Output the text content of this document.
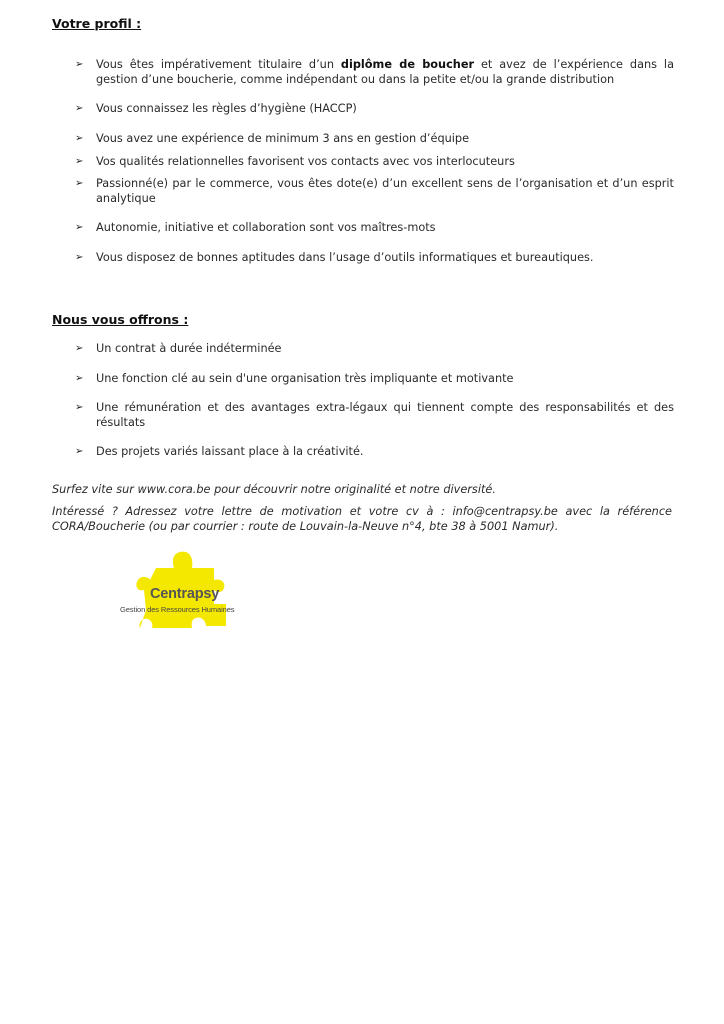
Votre profil :
➢ Vous êtes impérativement titulaire d’un diplôme de boucher et avez de l’expérience dans la gestion d’une boucherie, comme indépendant ou dans la petite et/ou la grande distribution
➢ Vous connaissez les règles d’hygiène (HACCP)
➢ Vous avez une expérience de minimum 3 ans en gestion d’équipe
➢ Vos qualités relationnelles favorisent vos contacts avec vos interlocuteurs
➢ Passionné(e) par le commerce, vous êtes dote(e) d’un excellent sens de l’organisation et d’un esprit analytique
➢ Autonomie, initiative et collaboration sont vos maîtres-mots
➢ Vous disposez de bonnes aptitudes dans l’usage d’outils informatiques et bureautiques.
Nous vous offrons :
➢ Un contrat à durée indéterminée
➢ Une fonction clé au sein d'une organisation très impliquante et motivante
➢ Une rémunération et des avantages extra-légaux qui tiennent compte des responsabilités et des résultats
➢ Des projets variés laissant place à la créativité.

Surfez vite sur www.cora.be pour découvrir notre originalité et notre diversité.

Intéressé ? Adressez votre lettre de motivation et votre cv à : info@centrapsy.be avec la référence CORA/Boucherie (ou par courrier : route de Louvain-la-Neuve n°4, bte 38 à 5001 Namur).

Centrapsy
Gestion des Ressources Humaines
